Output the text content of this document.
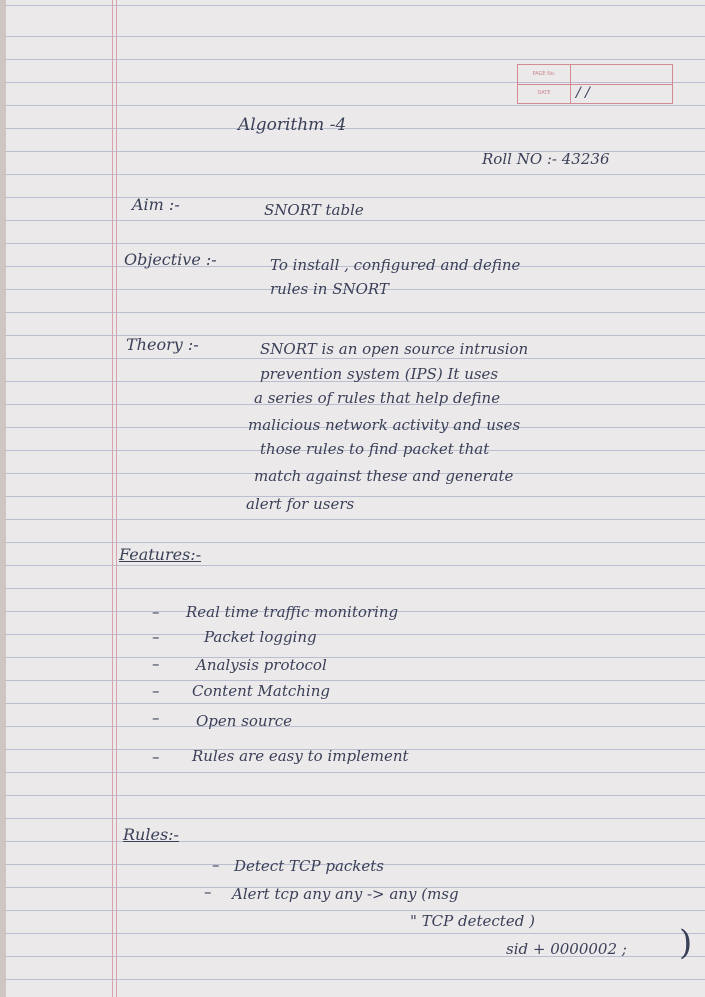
PAGE No.
DATE	/ /
Algorithm -4
Roll NO :- 43236
Aim :-	SNORT table
Objective :-	To install , configured and define
rules in SNORT
Theory :-	SNORT is an open source intrusion
prevention system (IPS) It uses
a series of rules that help define
malicious network activity and uses
those rules to find packet that
match against these and generate
alert for users
Features:-
– Real time traffic monitoring
–	Packet logging
– Analysis protocol
– Content Matching
– Open source
– Rules are easy to implement
Rules:-
– Detect TCP packets
– Alert tcp any any -> any (msg
" TCP detected )
sid + 0000002 ; )
